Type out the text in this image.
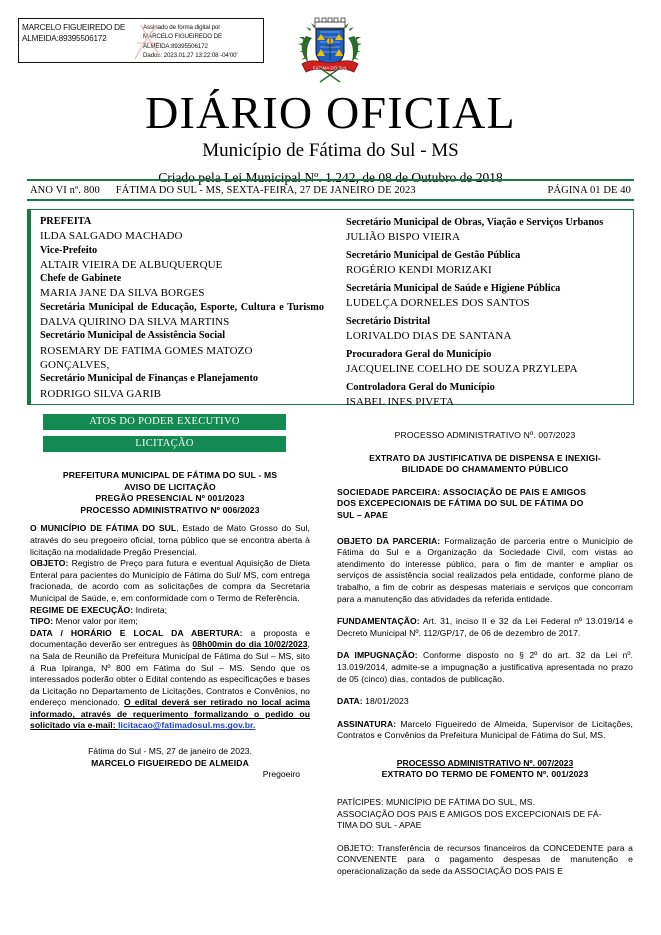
MARCELO FIGUEIREDO DE ALMEIDA:89395506172
Assinado de forma digital por
MARCELO FIGUEIREDO DE
ALMEIDA:89395506172
Dados: 2023.01.27 13:22:08 -04'00'
FÁTIMA DO SUL
DIÁRIO OFICIAL
Município de Fátima do Sul - MS
Criado pela Lei Municipal Nº. 1.242, de 08 de Outubro de 2018
ANO VI nº. 800 FÁTIMA DO SUL - MS, SEXTA-FEIRA, 27 DE JANEIRO DE 2023	PÁGINA 01 DE 40
PREFEITA
ILDA SALGADO MACHADO
Vice-Prefeito
ALTAIR VIEIRA DE ALBUQUERQUE
Chefe de Gabinete
MARIA JANE DA SILVA BORGES
Secretária Municipal de Educação, Esporte, Cultura e Turismo
DALVA QUIRINO DA SILVA MARTINS
Secretário Municipal de Assistência Social
ROSEMARY DE FATIMA GOMES MATOZO GONÇALVES,
Secretário Municipal de Finanças e Planejamento
RODRIGO SILVA GARIB
Secretário Municipal de Obras, Viação e Serviços Urbanos
JULIÃO BISPO VIEIRA
Secretário Municipal de Gestão Pública
ROGÉRIO KENDI MORIZAKI
Secretária Municipal de Saúde e Higiene Pública
LUDELÇA DORNELES DOS SANTOS
Secretário Distrital
LORIVALDO DIAS DE SANTANA
Procuradora Geral do Município
JACQUELINE COELHO DE SOUZA PRZYLEPA
Controladora Geral do Município
ISABEL INES PIVETA
ATOS DO PODER EXECUTIVO
LICITAÇÃO
PREFEITURA MUNICIPAL DE FÁTIMA DO SUL - MS
AVISO DE LICITAÇÃO
PREGÃO PRESENCIAL Nº 001/2023
PROCESSO ADMINISTRATIVO Nº 006/2023
O MUNICÍPIO DE FÁTIMA DO SUL, Estado de Mato Grosso do Sul, através do seu pregoeiro oficial, torna público que se encontra aberta à licitação na modalidade Pregão Presencial.
OBJETO: Registro de Preço para futura e eventual Aquisição de Dieta Enteral para pacientes do Município de Fátima do Sul/ MS, com entrega fracionada, de acordo com as solicitações de compra da Secretaria Municipal de Saúde, e, em conformidade com o Termo de Referência.
REGIME DE EXECUÇÃO: Indireta;
TIPO: Menor valor por item;
DATA / HORÁRIO E LOCAL DA ABERTURA: a proposta e documentação deverão ser entregues às 08h00min do dia 10/02/2023, na Sala de Reunião da Prefeitura Municipal de Fátima do Sul – MS, sito á Rua Ipiranga, Nº 800 em Fátima do Sul – MS. Sendo que os interessados poderão obter o Edital contendo as especificações e bases da Licitação no Departamento de Licitações, Contratos e Convênios, no endereço mencionado. O edital deverá ser retirado no local acima informado, através de requerimento formalizando o pedido ou solicitado via e-mail: licitacao@fatimadosul.ms.gov.br.
Fátima do Sul - MS, 27 de janeiro de 2023.
MARCELO FIGUEIREDO DE ALMEIDA
Pregoeiro
PROCESSO ADMINISTRATIVO Nº. 007/2023
EXTRATO DA JUSTIFICATIVA DE DISPENSA E INEXIGI-
BILIDADE DO CHAMAMENTO PÚBLICO
SOCIEDADE PARCEIRA: ASSOCIAÇÃO DE PAIS E AMIGOS
DOS EXCEPECIONAIS DE FÁTIMA DO SUL DE FÁTIMA DO
SUL – APAE
OBJETO DA PARCERIA: Formalização de parceria entre o Município de Fátima do Sul e a Organização da Sociedade Civil, com vistas ao atendimento do interesse público, para o fim de manter e ampliar os serviços de assistência social realizados pela entidade, conforme plano de trabalho, a fim de cobrir as despesas materiais e serviços que concorram para a manutenção das atividades da referida entidade.
FUNDAMENTAÇÃO: Art. 31, inciso II e 32 da Lei Federal nº 13.019/14 e Decreto Municipal Nº. 112/GP/17, de 06 de dezembro de 2017.
DA IMPUGNAÇÃO: Conforme disposto no § 2º do art. 32 da Lei nº. 13.019/2014, admite-se a impugnação a justificativa apresentada no prazo de 05 (cinco) dias, contados de publicação.
DATA: 18/01/2023
ASSINATURA: Marcelo Figueiredo de Almeida, Supervisor de Licitações, Contratos e Convênios da Prefeitura Municipal de Fátima do Sul, MS.
PROCESSO ADMINISTRATIVO Nº. 007/2023
EXTRATO DO TERMO DE FOMENTO Nº. 001/2023
PATÍCIPES: MUNICÍPIO DE FÁTIMA DO SUL, MS.
ASSOCIAÇÃO DOS PAIS E AMIGOS DOS EXCEPCIONAIS DE FÁ-
TIMA DO SUL - APAE
OBJETO: Transferência de recursos financeiros da CONCEDENTE para a CONVENENTE para o pagamento despesas de manutenção e operacionalização da sede da ASSOCIAÇÃO DOS PAIS E
